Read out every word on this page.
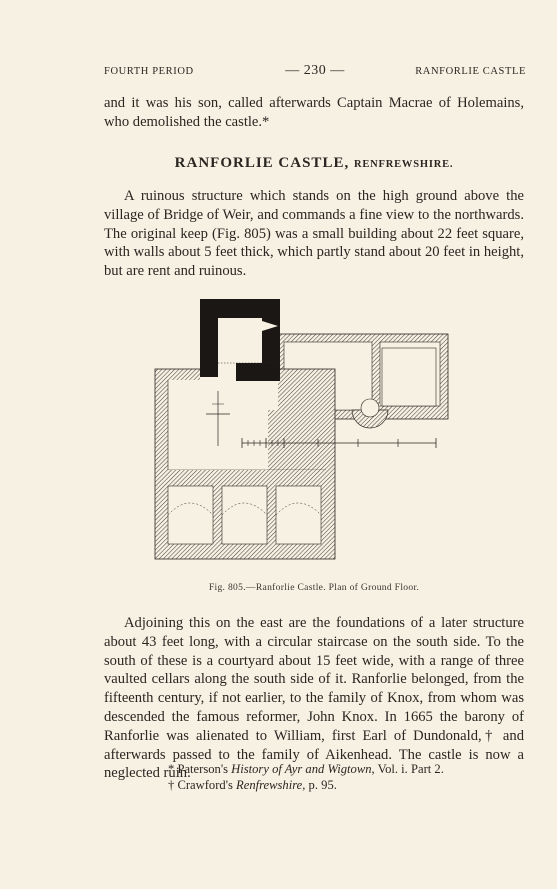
FOURTH PERIOD	— 230 —	RANFORLIE CASTLE

and it was his son, called afterwards Captain Macrae of Holemains, who demolished the castle.*

RANFORLIE CASTLE, RENFREWSHIRE.

A ruinous structure which stands on the high ground above the village of Bridge of Weir, and commands a fine view to the northwards. The original keep (Fig. 805) was a small building about 22 feet square, with walls about 5 feet thick, which partly stand about 20 feet in height, but are rent and ruinous.

Fig. 805.—Ranforlie Castle. Plan of Ground Floor.

Adjoining this on the east are the foundations of a later structure about 43 feet long, with a circular staircase on the south side. To the south of these is a courtyard about 15 feet wide, with a range of three vaulted cellars along the south side of it. Ranforlie belonged, from the fifteenth century, if not earlier, to the family of Knox, from whom was descended the famous reformer, John Knox. In 1665 the barony of Ranforlie was alienated to William, first Earl of Dundonald,† and afterwards passed to the family of Aikenhead. The castle is now a neglected ruin.

* Paterson's History of Ayr and Wigtown, Vol. i. Part 2.
† Crawford's Renfrewshire, p. 95.
